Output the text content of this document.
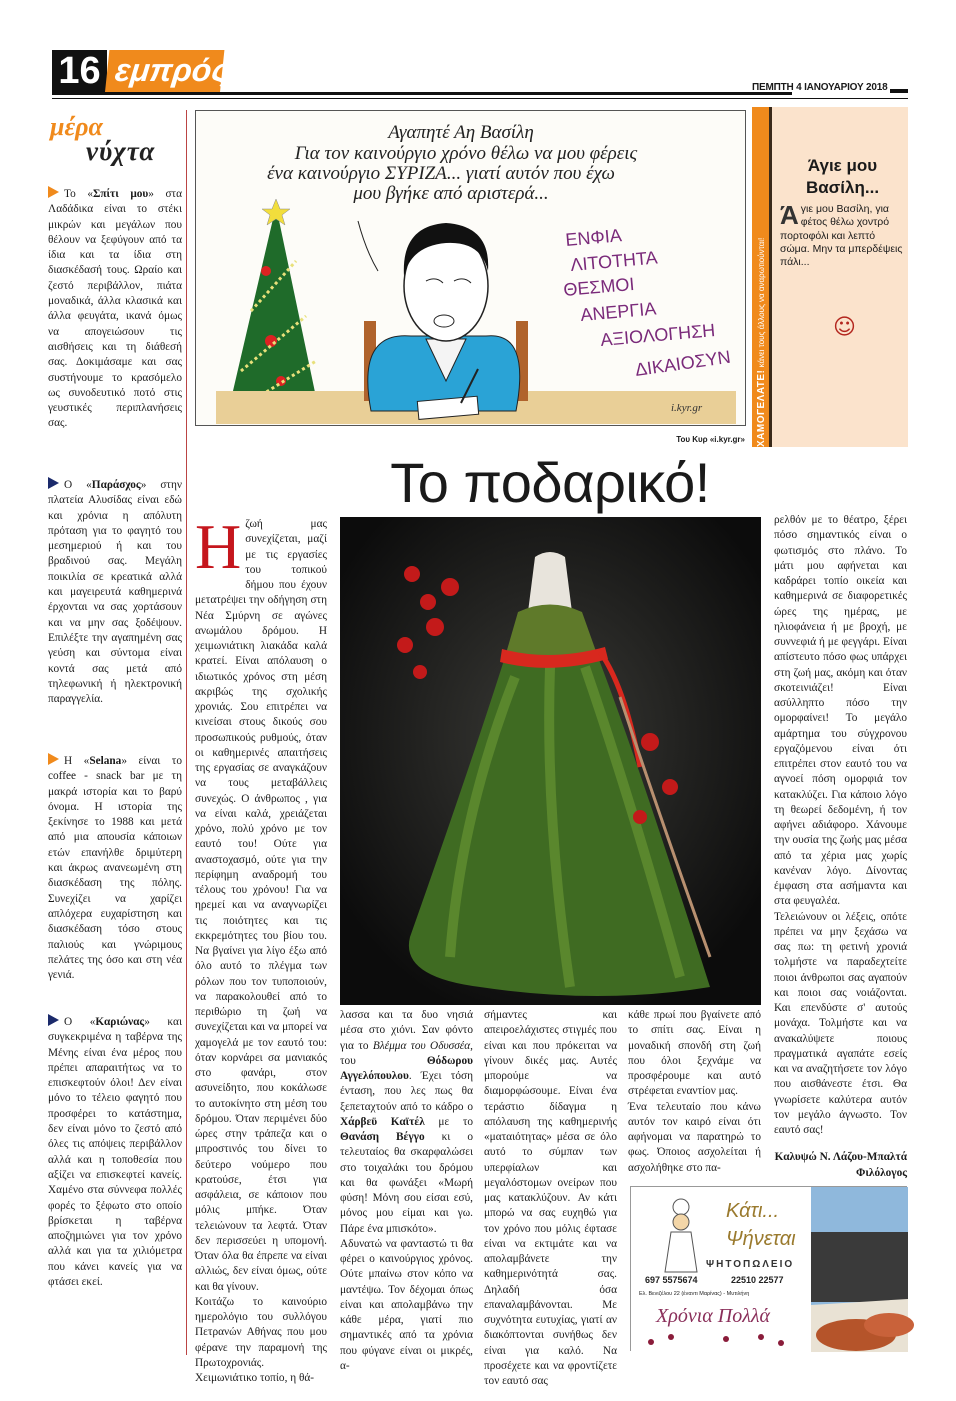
16 εμπρός	ΠΕΜΠΤΗ 4 ΙΑΝΟΥΑΡΙΟΥ 2018
μέρα
νύχτα
Το «Σπίτι μου» στα Λαδάδικα είναι το στέκι μικρών και μεγάλων που θέλουν να ξεφύγουν από τα ίδια και τα ίδια στη διασκέδασή τους. Ωραίο και ζεστό περιβάλλον, πιάτα μοναδικά, άλλα κλασικά και άλλα φευγάτα, ικανά όμως να απογειώσουν τις αισθήσεις και τη διάθεσή σας. Δοκιμάσαμε και σας συστήνουμε το κρασόμελο ως συνοδευτικό ποτό στις γευστικές περιπλανήσεις σας.
Ο «Παράσχος» στην πλατεία Αλυσίδας είναι εδώ και χρόνια η απόλυτη πρόταση για το φαγητό του μεσημεριού ή και του βραδινού σας. Μεγάλη ποικιλία σε κρεατικά αλλά και μαγειρευτά καθημερινά έρχονται να σας χορτάσουν και να μην σας ξοδέψουν. Επιλέξτε την αγαπημένη σας γεύση και σύντομα είναι κοντά σας μετά από τηλεφωνική ή ηλεκτρονική παραγγελία.
Η «Selana» είναι το coffee - snack bar με τη μακρά ιστορία και το βαρύ όνομα. Η ιστορία της ξεκίνησε το 1988 και μετά από μια απουσία κάποιων ετών επανήλθε δριμύτερη και άκρως ανανεωμένη στη διασκέδαση της πόλης. Συνεχίζει να χαρίζει απλόχερα ευχαρίστηση και διασκέδαση τόσο στους παλιούς και γνώριμους πελάτες της όσο και στη νέα γενιά.
Ο «Καριώνας» και συγκεκριμένα η ταβέρνα της Μένης είναι ένα μέρος που πρέπει απαραιτήτως να το επισκεφτούν όλοι! Δεν είναι μόνο το τέλειο φαγητό που προσφέρει το κατάστημα, δεν είναι μόνο το ζεστό από όλες τις απόψεις περιβάλλον αλλά και η τοποθεσία που αξίζει να επισκεφτεί κανείς. Χαμένο στα σύννεφα πολλές φορές το ξέφωτο στο οποίο βρίσκεται η ταβέρνα αποζημιώνει για τον χρόνο αλλά και για τα χιλιόμετρα που κάνει κανείς για να φτάσει εκεί.
Αγαπητέ Αη Βασίλη
Για τον καινούργιο χρόνο θέλω να μου φέρεις
ένα καινούργιο ΣΥΡΙΖΑ... γιατί αυτόν που έχω
μου βγήκε από αριστερά...
ΕΝΦΙΑ
ΛΙΤΟΤΗΤΑ
ΘΕΣΜΟΙ
ΑΝΕΡΓΙΑ
ΑΞΙΟΛΟΓΗΣΗ
ΔΙΚΑΙΟΣΥΝ
i.kyr.gr
Του Κυρ «i.kyr.gr»	ΧΑΜΟΓΕΛΑΤΕ! κάνει τους άλλους να αναρωτιούνται!
Άγιε μου Βασίλη...
Άγιε μου Βασίλη, για φέτος θέλω χοντρό πορτοφόλι και λεπτό σώμα. Μην τα μπερδέψεις πάλι...
☺
Το ποδαρικό!
Η ζωή μας συνεχίζεται, μαζί με τις εργασίες του τοπικού δήμου που έχουν μετατρέψει την οδήγηση στη Νέα Σμύρνη σε αγώνες ανωμάλου δρόμου. Η χειμωνιάτικη λιακάδα καλά κρατεί. Είναι απόλαυση ο ιδιωτικός χρόνος στη μέση ακριβώς της σχολικής χρονιάς. Σου επιτρέπει να κινείσαι στους δικούς σου προσωπικούς ρυθμούς, όταν οι καθημερινές απαιτήσεις της εργασίας σε αναγκάζουν να τους μεταβάλλεις συνεχώς. Ο άνθρωπος , για να είναι καλά, χρειάζεται χρόνο, πολύ χρόνο με τον εαυτό του! Ούτε για αναστοχασμό, ούτε για την περίφημη αναδρομή του τέλους του χρόνου! Για να ηρεμεί και να αναγνωρίζει τις ποιότητες και τις εκκρεμότητες του βίου του. Να βγαίνει για λίγο έξω από όλο αυτό το πλέγμα των ρόλων που τον τυποποιούν, να παρακολουθεί από το περιθώριο τη ζωή να συνεχίζεται και να μπορεί να χαμογελά με τον εαυτό του: όταν κορνάρει σα μανιακός στο φανάρι, στον ασυνείδητο, που κοκάλωσε το αυτοκίνητο στη μέση του δρόμου. Όταν περιμένει δύο ώρες στην τράπεζα και ο μπροστινός του δίνει το δεύτερο νούμερο που κρατούσε, έτσι για ασφάλεια, σε κάποιον που μόλις μπήκε. Όταν τελειώνουν τα λεφτά. Όταν δεν περισσεύει η υπομονή. Όταν όλα θα έπρεπε να είναι αλλιώς, δεν είναι όμως, ούτε και θα γίνουν.

Κοιτάζω το καινούριο ημερολόγιο του συλλόγου Πετρανών Αθήνας που μου φέρανε την παραμονή της Πρωτοχρονιάς. Χειμωνιάτικο τοπίο, η θά-

λασσα και τα δυο νησιά μέσα στο χιόνι. Σαν φόντο για το Βλέμμα του Οδυσσέα, του Θόδωρου Αγγελόπουλου. Έχει τόση ένταση, που λες πως θα ξεπεταχτούν από το κάδρο ο Χάρβεϋ Καϊτέλ με το Θανάση Βέγγο κι ο τελευταίος θα σκαρφαλώσει στο τοιχαλάκι του δρόμου και θα φωνάξει «Μωρή φύση! Μόνη σου είσαι εσύ, μόνος μου είμαι και γω. Πάρε ένα μπισκότο».

Αδυνατώ να φανταστώ τι θα φέρει ο καινούργιος χρόνος. Ούτε μπαίνω στον κόπο να μαντέψω. Τον δέχομαι όπως είναι και απολαμβάνω την κάθε μέρα, γιατί πιο σημαντικές από τα χρόνια που φύγανε είναι οι μικρές, α-

σήμαντες και απειροελάχιστες στιγμές που είναι και που πρόκειται να γίνουν δικές μας. Αυτές μπορούμε να διαμορφώσουμε. Είναι ένα τεράστιο δίδαγμα η απόλαυση της καθημερινής «ματαιότητας» μέσα σε όλο αυτό το σύμπαν των υπερφίαλων και μεγαλόστομων ονείρων που μας κατακλύζουν. Αν κάτι μπορώ να σας ευχηθώ για τον χρόνο που μόλις έφτασε είναι να εκτιμάτε και να απολαμβάνετε την καθημερινότητά σας. Δηλαδή όσα επαναλαμβάνονται. Με συχνότητα ευτυχίας, γιατί αν διακόπτονται συνήθως δεν είναι για καλό. Να προσέχετε και να φροντίζετε τον εαυτό σας

κάθε πρωί που βγαίνετε από το σπίτι σας. Είναι η μοναδική σπονδή στη ζωή που όλοι ξεχνάμε να προσφέρουμε και αυτό στρέφεται εναντίον μας.

Ένα τελευταίο που κάνω αυτόν τον καιρό είναι ότι αφήνομαι να παρατηρώ το φως. Όποιος ασχολείται ή ασχολήθηκε στο πα-

ρελθόν με το θέατρο, ξέρει πόσο σημαντικός είναι ο φωτισμός στο πλάνο. Το μάτι μου αφήνεται και καδράρει τοπίο οικεία και καθημερινά σε διαφορετικές ώρες της ημέρας, με ηλιοφάνεια ή με βροχή, με συννεφιά ή με φεγγάρι. Είναι απίστευτο πόσο φως υπάρχει στη ζωή μας, ακόμη και όταν σκοτεινιάζει! Είναι ασύλληπτο πόσο την ομορφαίνει! Το μεγάλο αμάρτημα του σύγχρονου εργαζόμενου είναι ότι επιτρέπει στον εαυτό του να αγνοεί πόση ομορφιά τον κατακλύζει. Για κάποιο λόγο τη θεωρεί δεδομένη, ή τον αφήνει αδιάφορο. Χάνουμε την ουσία της ζωής μας μέσα από τα χέρια μας χωρίς κανέναν λόγο. Δίνοντας έμφαση στα ασήμαντα και στα φευγαλέα.

Τελειώνουν οι λέξεις, οπότε πρέπει να μην ξεχάσω να σας πω: τη φετινή χρονιά τολμήστε να παραδεχτείτε ποιοι άνθρωποι σας αγαπούν και ποιοι σας νοιάζονται. Και επενδύστε σ' αυτούς μονάχα. Τολμήστε και να ανακαλύψετε ποιους πραγματικά αγαπάτε εσείς και να αναζητήσετε τον λόγο που αισθάνεστε έτσι. Θα γνωρίσετε καλύτερα αυτόν τον μεγάλο άγνωστο. Τον εαυτό σας!

Καλυψώ Ν. Λάζου-Μπαλτά
Φιλόλογος
Κάτι...
Ψήνεται
ΨΗΤΟΠΩΛΕΙΟ
697 5575674	22510 22577
Ελ. Βενιζέλου 22 (έναντι Μαρίνας) - Μυτιλήνη
Χρόνια Πολλά
